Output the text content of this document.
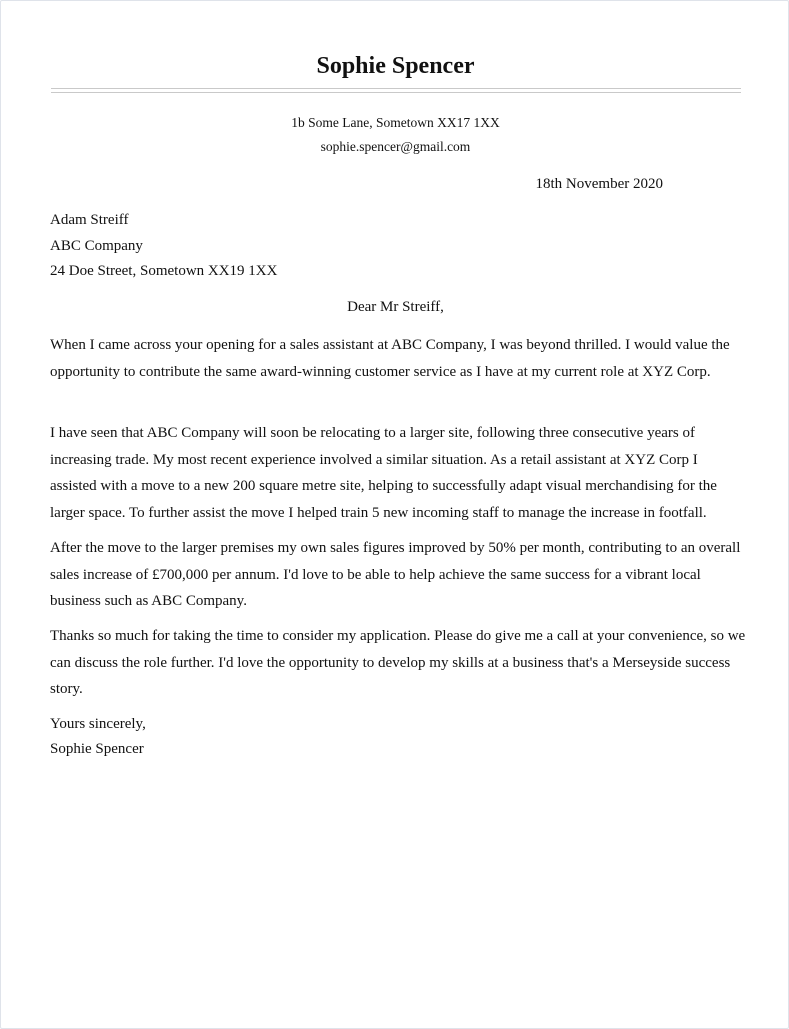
Sophie Spencer
1b Some Lane, Sometown XX17 1XX
sophie.spencer@gmail.com
18th November 2020
Adam Streiff
ABC Company
24 Doe Street, Sometown XX19 1XX
Dear Mr Streiff,
When I came across your opening for a sales assistant at ABC Company, I was beyond thrilled. I would value the opportunity to contribute the same award-winning customer service as I have at my current role at XYZ Corp.
I have seen that ABC Company will soon be relocating to a larger site, following three consecutive years of increasing trade. My most recent experience involved a similar situation. As a retail assistant at XYZ Corp I assisted with a move to a new 200 square metre site, helping to successfully adapt visual merchandising for the larger space. To further assist the move I helped train 5 new incoming staff to manage the increase in footfall.
After the move to the larger premises my own sales figures improved by 50% per month, contributing to an overall sales increase of £700,000 per annum. I'd love to be able to help achieve the same success for a vibrant local business such as ABC Company.
Thanks so much for taking the time to consider my application. Please do give me a call at your convenience, so we can discuss the role further. I'd love the opportunity to develop my skills at a business that's a Merseyside success story.
Yours sincerely,
Sophie Spencer
